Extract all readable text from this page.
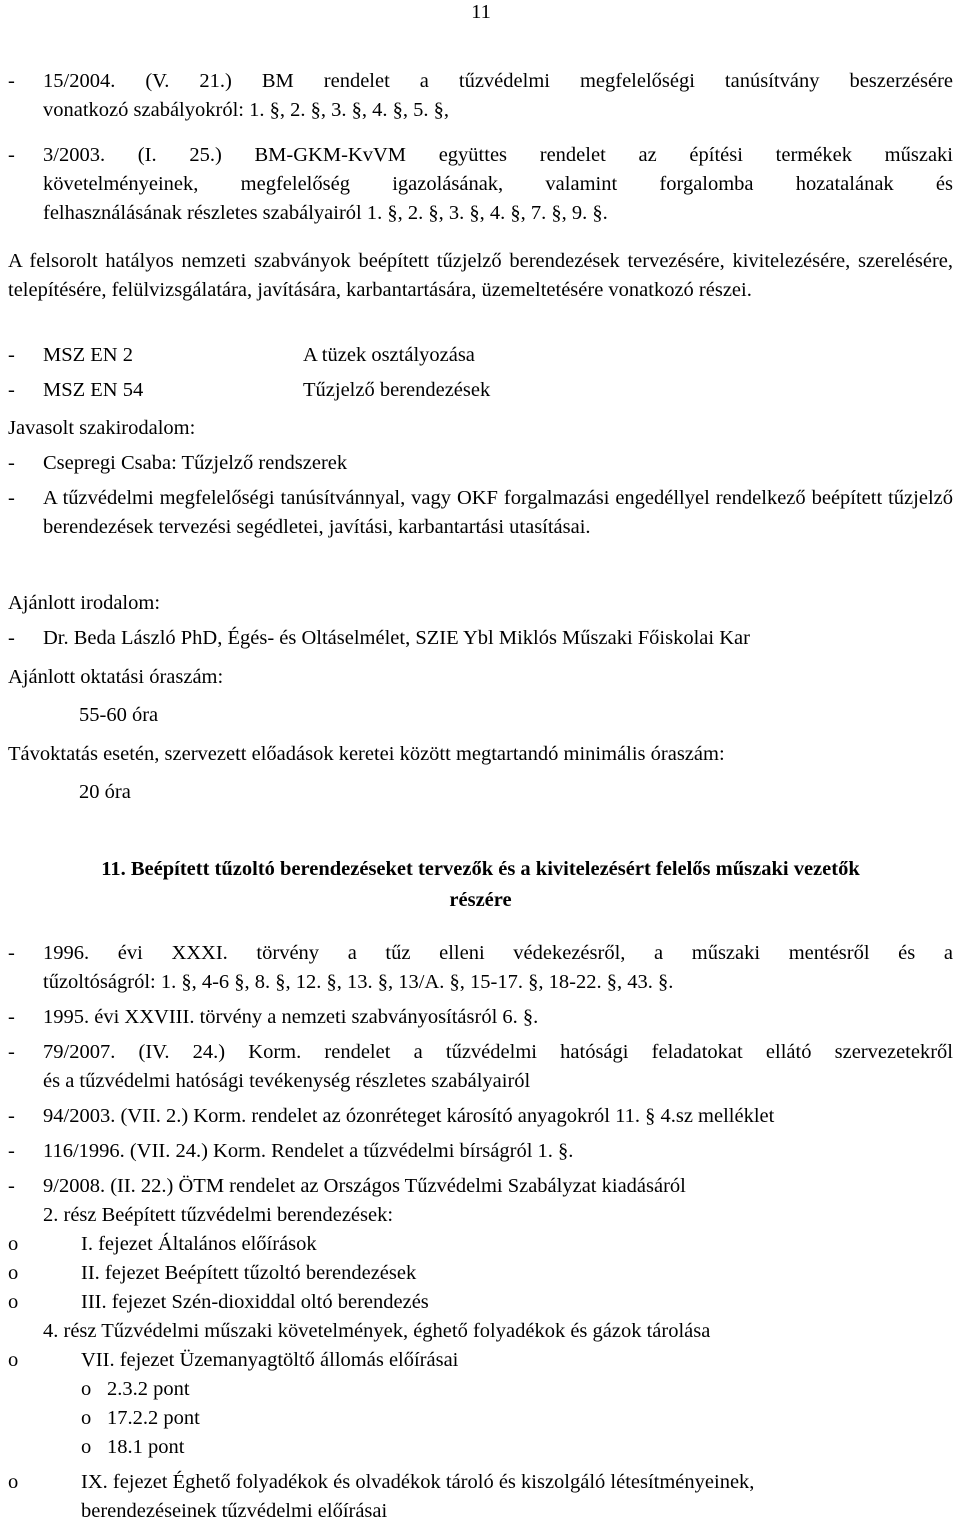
11
- 15/2004. (V. 21.) BM rendelet a tűzvédelmi megfelelőségi tanúsítvány beszerzésére
vonatkozó szabályokról: 1. §, 2. §, 3. §, 4. §, 5. §,
- 3/2003. (I. 25.) BM-GKM-KvVM együttes rendelet az építési termékek műszaki
követelményeinek, megfelelőség igazolásának, valamint forgalomba hozatalának és
felhasználásának részletes szabályairól 1. §, 2. §, 3. §, 4. §, 7. §, 9. §.
A felsorolt hatályos nemzeti szabványok beépített tűzjelző berendezések tervezésére, kivitelezésére, szerelésére, telepítésére, felülvizsgálatára, javítására, karbantartására, üzemeltetésére vonatkozó részei.
- MSZ EN 2	A tüzek osztályozása
- MSZ EN 54	Tűzjelző berendezések
Javasolt szakirodalom:
- Csepregi Csaba: Tűzjelző rendszerek
- A tűzvédelmi megfelelőségi tanúsítvánnyal, vagy OKF forgalmazási engedéllyel rendelkező beépített tűzjelző berendezések tervezési segédletei, javítási, karbantartási utasításai.
Ajánlott irodalom:
- Dr. Beda László PhD, Égés- és Oltáselmélet, SZIE Ybl Miklós Műszaki Főiskolai Kar
Ajánlott oktatási óraszám:
55-60 óra
Távoktatás esetén, szervezett előadások keretei között megtartandó minimális óraszám:
20 óra
11. Beépített tűzoltó berendezéseket tervezők és a kivitelezésért felelős műszaki vezetők
részére
- 1996. évi XXXI. törvény a tűz elleni védekezésről, a műszaki mentésről és a
tűzoltóságról: 1. §, 4-6 §, 8. §, 12. §, 13. §, 13/A. §, 15-17. §, 18-22. §, 43. §.
- 1995. évi XXVIII. törvény a nemzeti szabványosításról 6. §.
- 79/2007. (IV. 24.) Korm. rendelet a tűzvédelmi hatósági feladatokat ellátó szervezetekről
és a tűzvédelmi hatósági tevékenység részletes szabályairól
- 94/2003. (VII. 2.) Korm. rendelet az ózonréteget károsító anyagokról 11. § 4.sz melléklet
- 116/1996. (VII. 24.) Korm. Rendelet a tűzvédelmi bírságról 1. §.
- 9/2008. (II. 22.) ÖTM rendelet az Országos Tűzvédelmi Szabályzat kiadásáról
2. rész Beépített tűzvédelmi berendezések:
o	I. fejezet Általános előírások
o	II. fejezet Beépített tűzoltó berendezések
o	III. fejezet Szén-dioxiddal oltó berendezés
4. rész Tűzvédelmi műszaki követelmények, éghető folyadékok és gázok tárolása
o	VII. fejezet Üzemanyagtöltő állomás előírásai
o 2.3.2 pont
o 17.2.2 pont
o 18.1 pont
o	IX. fejezet Éghető folyadékok és olvadékok tároló és kiszolgáló létesítményeinek,
berendezéseinek tűzvédelmi előírásai
